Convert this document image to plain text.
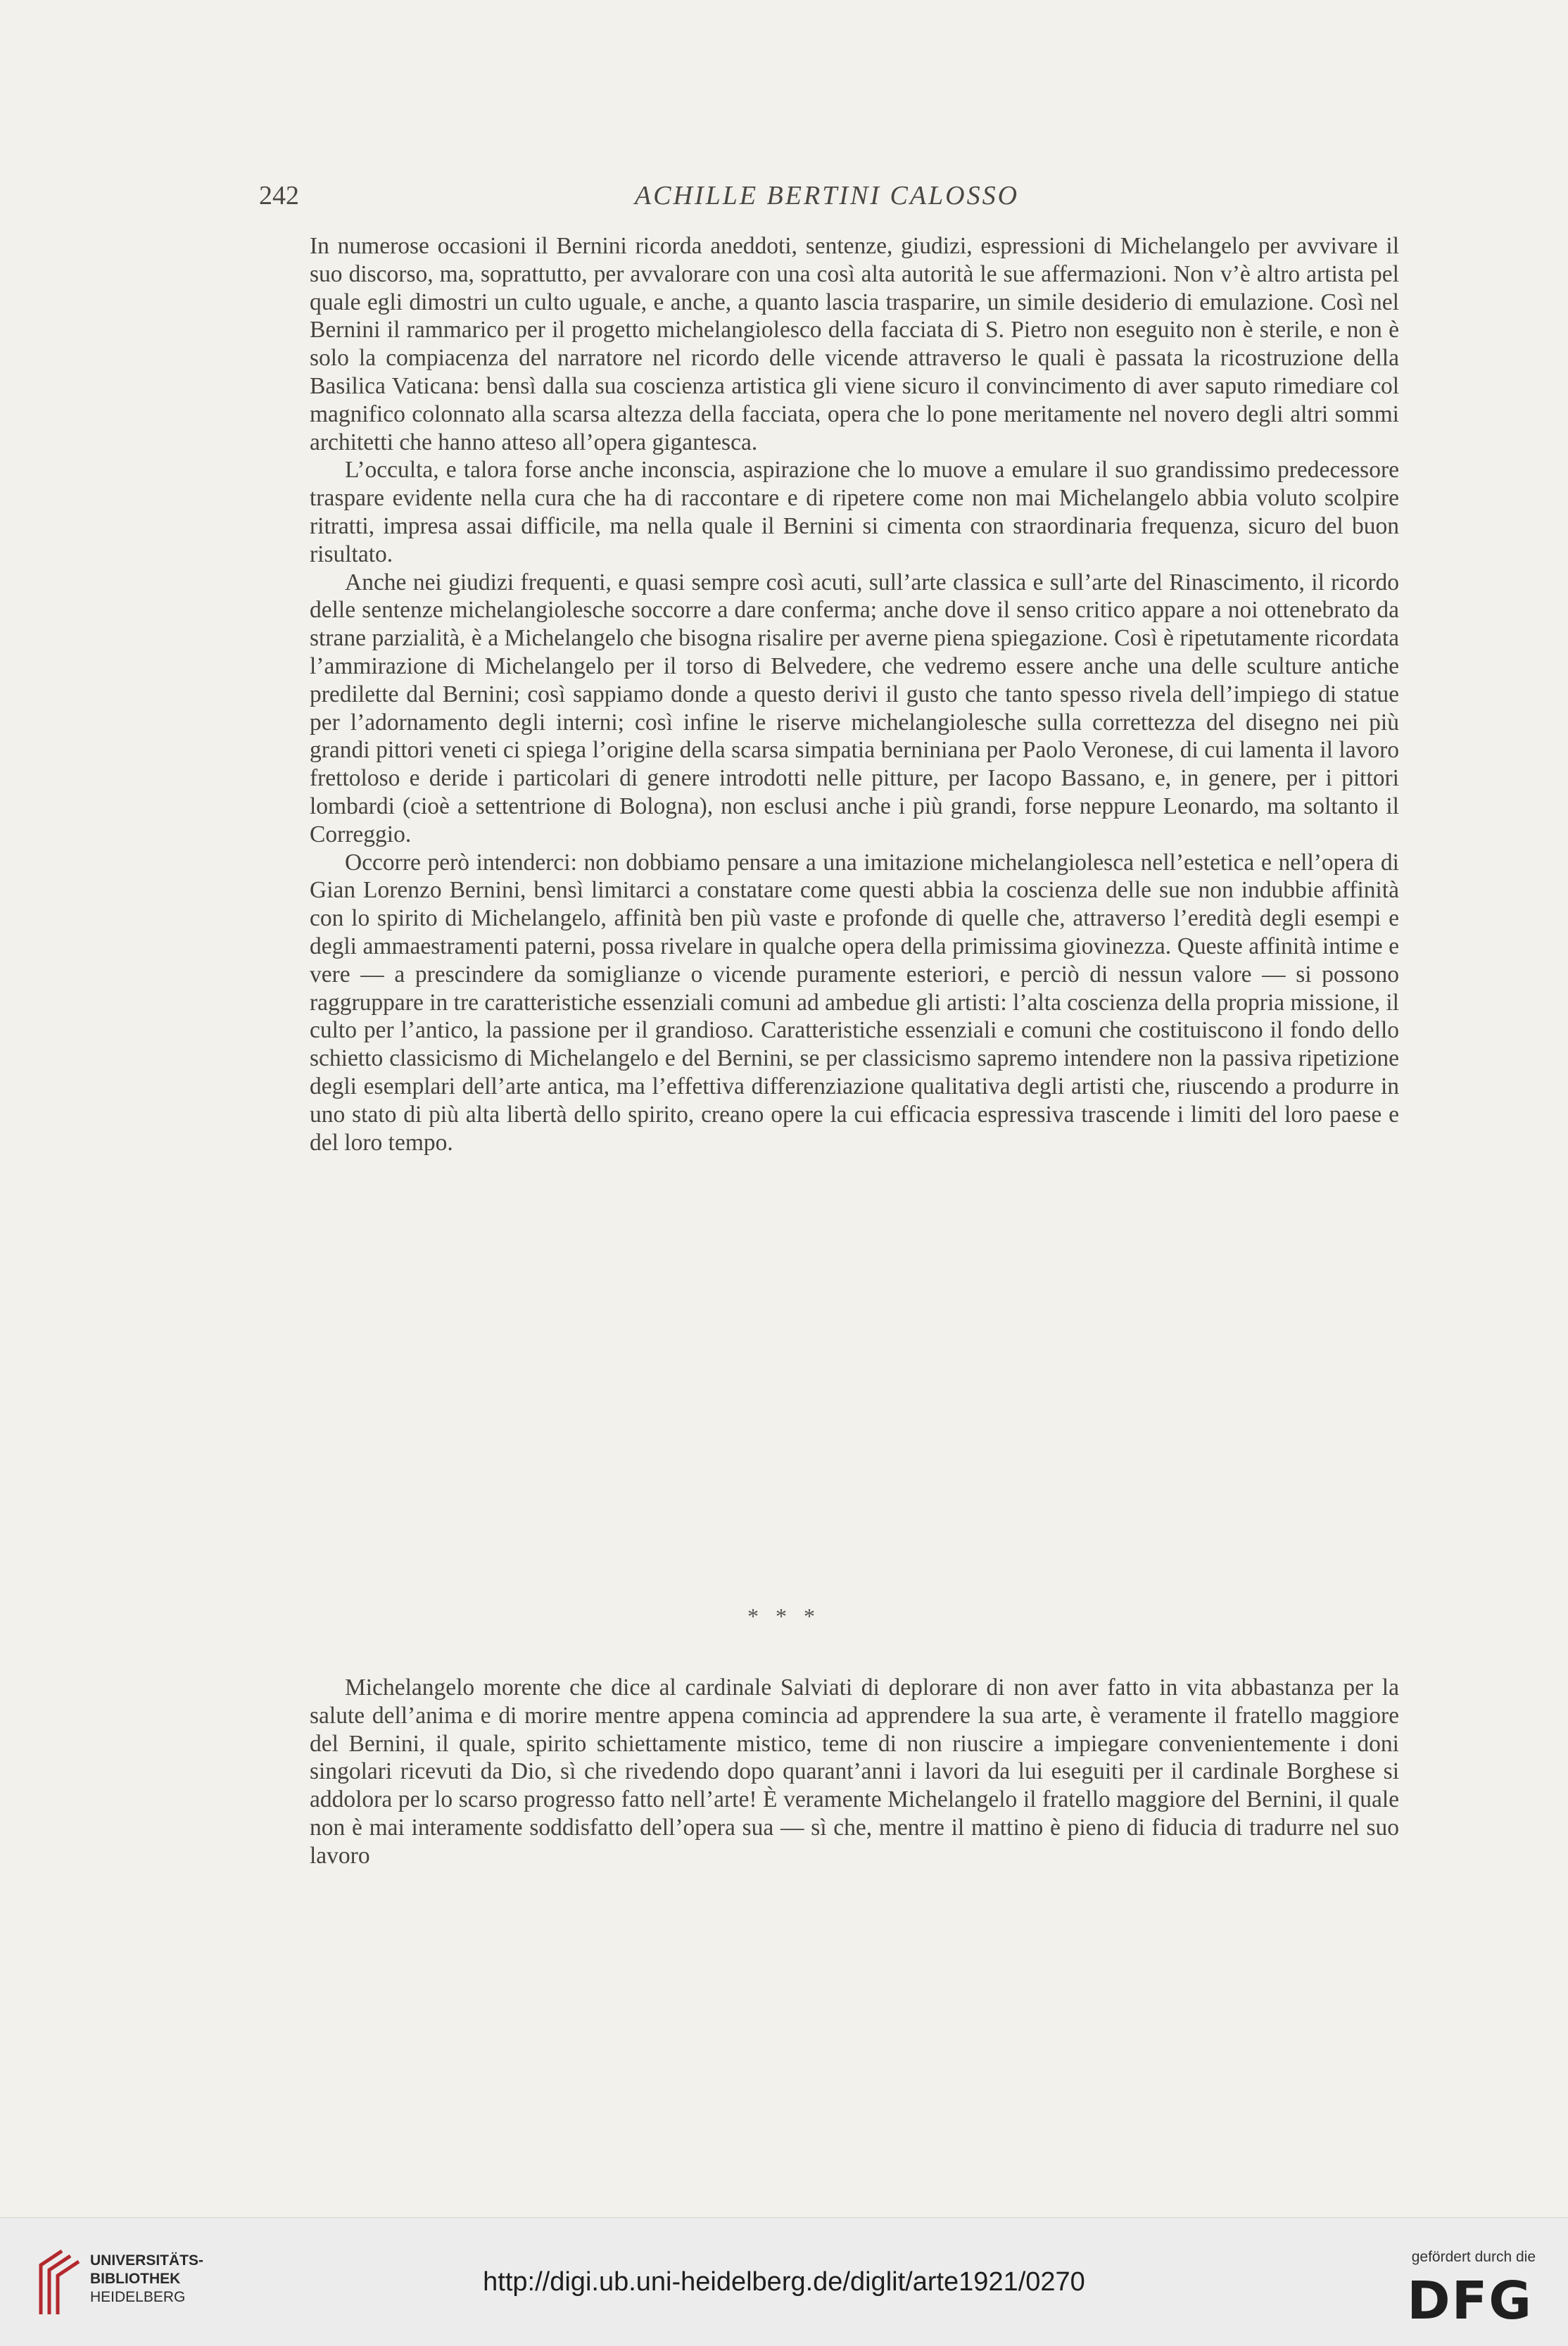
242	ACHILLE BERTINI CALOSSO

In numerose occasioni il Bernini ricorda aneddoti, sentenze, giudizi, espressioni di Michelangelo per avvivare il suo discorso, ma, soprattutto, per avvalorare con una così alta autorità le sue affermazioni. Non v’è altro artista pel quale egli dimostri un culto uguale, e anche, a quanto lascia trasparire, un simile desiderio di emulazione. Così nel Bernini il rammarico per il progetto michelangiolesco della facciata di S. Pietro non eseguito non è sterile, e non è solo la compiacenza del narratore nel ricordo delle vicende attraverso le quali è passata la ricostruzione della Basilica Vaticana: bensì dalla sua coscienza artistica gli viene sicuro il convincimento di aver saputo rimediare col magnifico colonnato alla scarsa altezza della facciata, opera che lo pone meritamente nel novero degli altri sommi architetti che hanno atteso all’opera gigantesca.

L’occulta, e talora forse anche inconscia, aspirazione che lo muove a emulare il suo grandissimo predecessore traspare evidente nella cura che ha di raccontare e di ripetere come non mai Michelangelo abbia voluto scolpire ritratti, impresa assai difficile, ma nella quale il Bernini si cimenta con straordinaria frequenza, sicuro del buon risultato.

Anche nei giudizi frequenti, e quasi sempre così acuti, sull’arte classica e sull’arte del Rinascimento, il ricordo delle sentenze michelangiolesche soccorre a dare conferma; anche dove il senso critico appare a noi ottenebrato da strane parzialità, è a Michelangelo che bisogna risalire per averne piena spiegazione. Così è ripetutamente ricordata l’ammirazione di Michelangelo per il torso di Belvedere, che vedremo essere anche una delle sculture antiche predilette dal Bernini; così sappiamo donde a questo derivi il gusto che tanto spesso rivela dell’impiego di statue per l’adornamento degli interni; così infine le riserve michelangiolesche sulla correttezza del disegno nei più grandi pittori veneti ci spiega l’origine della scarsa simpatia berniniana per Paolo Veronese, di cui lamenta il lavoro frettoloso e deride i particolari di genere introdotti nelle pitture, per Iacopo Bassano, e, in genere, per i pittori lombardi (cioè a settentrione di Bologna), non esclusi anche i più grandi, forse neppure Leonardo, ma soltanto il Correggio.

Occorre però intenderci: non dobbiamo pensare a una imitazione michelangiolesca nell’estetica e nell’opera di Gian Lorenzo Bernini, bensì limitarci a constatare come questi abbia la coscienza delle sue non indubbie affinità con lo spirito di Michelangelo, affinità ben più vaste e profonde di quelle che, attraverso l’eredità degli esempi e degli ammaestramenti paterni, possa rivelare in qualche opera della primissima giovinezza. Queste affinità intime e vere — a prescindere da somiglianze o vicende puramente esteriori, e perciò di nessun valore — si possono raggruppare in tre caratteristiche essenziali comuni ad ambedue gli artisti: l’alta coscienza della propria missione, il culto per l’antico, la passione per il grandioso. Caratteristiche essenziali e comuni che costituiscono il fondo dello schietto classicismo di Michelangelo e del Bernini, se per classicismo sapremo intendere non la passiva ripetizione degli esemplari dell’arte antica, ma l’effettiva differenziazione qualitativa degli artisti che, riuscendo a produrre in uno stato di più alta libertà dello spirito, creano opere la cui efficacia espressiva trascende i limiti del loro paese e del loro tempo.

* * *

Michelangelo morente che dice al cardinale Salviati di deplorare di non aver fatto in vita abbastanza per la salute dell’anima e di morire mentre appena comincia ad apprendere la sua arte, è veramente il fratello maggiore del Bernini, il quale, spirito schiettamente mistico, teme di non riuscire a impiegare convenientemente i doni singolari ricevuti da Dio, sì che rivedendo dopo quarant’anni i lavori da lui eseguiti per il cardinale Borghese si addolora per lo scarso progresso fatto nell’arte! È veramente Michelangelo il fratello maggiore del Bernini, il quale non è mai interamente soddisfatto dell’opera sua — sì che, mentre il mattino è pieno di fiducia di tradurre nel suo lavoro

UNIVERSITÄTS-
BIBLIOTHEK
HEIDELBERG
http://digi.ub.uni-heidelberg.de/diglit/arte1921/0270
gefördert durch die
DFG
